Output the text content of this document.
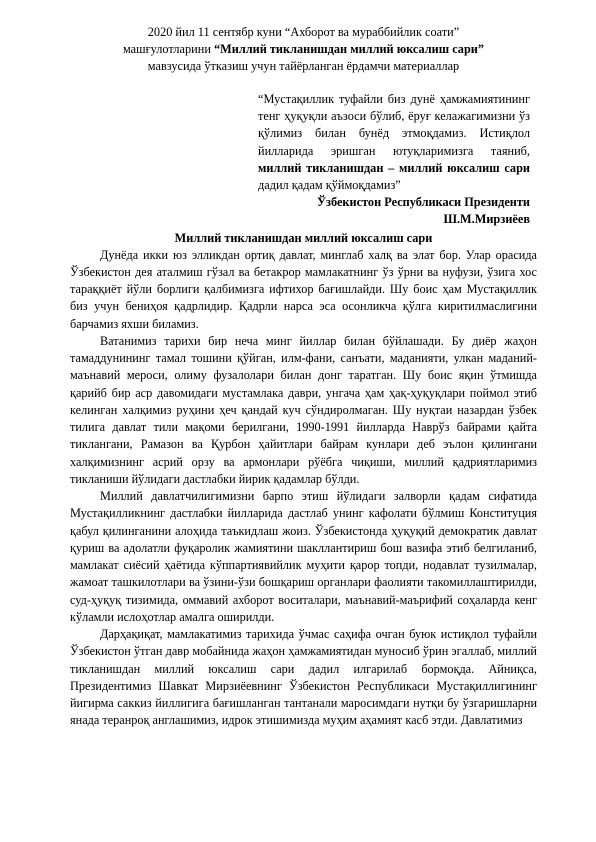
2020 йил 11 сентябр куни “Ахборот ва мураббийлик соати”
машғулотларини “Миллий тикланишдан миллий юксалиш сари”
мавзусида ўтказиш учун тайёрланган ёрдамчи материаллар
“Мустақиллик туфайли биз дунё ҳамжамиятининг тенг ҳуқуқли аъзоси бўлиб, ёруғ келажагимизни ўз қўлимиз билан бунёд этмоқдамиз. Истиқлол йилларида эришган ютуқларимизга таяниб, миллий тикланишдан – миллий юксалиш сари дадил қадам қўймоқдамиз”
Ўзбекистон Республикаси Президенти
Ш.М.Мирзиёев
Миллий тикланишдан миллий юксалиш сари

Дунёда икки юз элликдан ортиқ давлат, минглаб халқ ва элат бор. Улар орасида Ўзбекистон дея аталмиш гўзал ва бетакрор мамлакатнинг ўз ўрни ва нуфузи, ўзига хос тараққиёт йўли борлиги қалбимизга ифтихор бағишлайди. Шу боис ҳам Мустақиллик биз учун бениҳоя қадрлидир. Қадрли нарса эса осонликча қўлга киритилмаслигини барчамиз яхши биламиз.

Ватанимиз тарихи бир неча минг йиллар билан бўйлашади. Бу диёр жаҳон тамаддунининг тамал тошини қўйган, илм-фани, санъати, маданияти, улкан маданий-маънавий мероси, олиму фузалолари билан донг таратган. Шу боис яқин ўтмишда қарийб бир аср давомидаги мустамлака даври, унгача ҳам ҳақ-ҳуқуқлари поймол этиб келинган халқимиз руҳини ҳеч қандай куч сўндиролмаган. Шу нуқтаи назардан ўзбек тилига давлат тили мақоми берилгани, 1990-1991 йилларда Наврўз байрами қайта тиклангани, Рамазон ва Қурбон ҳайитлари байрам кунлари деб эълон қилингани халқимизнинг асрий орзу ва армонлари рўёбга чиқиши, миллий қадриятларимиз тикланиши йўлидаги дастлабки йирик қадамлар бўлди.

Миллий давлатчилигимизни барпо этиш йўлидаги залворли қадам сифатида Мустақилликнинг дастлабки йилларида дастлаб унинг кафолати бўлмиш Конституция қабул қилинганини алоҳида таъкидлаш жоиз. Ўзбекистонда ҳуқуқий демократик давлат қуриш ва адолатли фуқаролик жамиятини шакллантириш бош вазифа этиб белгиланиб, мамлакат сиёсий ҳаётида кўппартиявийлик муҳити қарор топди, нодавлат тузилмалар, жамоат ташкилотлари ва ўзини-ўзи бошқариш органлари фаолияти такомиллаштирилди, суд-ҳуқуқ тизимида, оммавий ахборот воситалари, маънавий-маърифий соҳаларда кенг кўламли ислоҳотлар амалга оширилди.

Дарҳақиқат, мамлакатимиз тарихида ўчмас саҳифа очган буюк истиқлол туфайли Ўзбекистон ўтган давр мобайнида жаҳон ҳамжамиятидан муносиб ўрин эгаллаб, миллий тикланишдан миллий юксалиш сари дадил илгарилаб бормоқда. Айниқса, Президентимиз Шавкат Мирзиёевнинг Ўзбекистон Республикаси Мустақиллигининг йигирма саккиз йиллигига бағишланган тантанали маросимдаги нутқи бу ўзгаришларни янада теранроқ англашимиз, идрок этишимизда муҳим аҳамият касб этди. Давлатимиз
